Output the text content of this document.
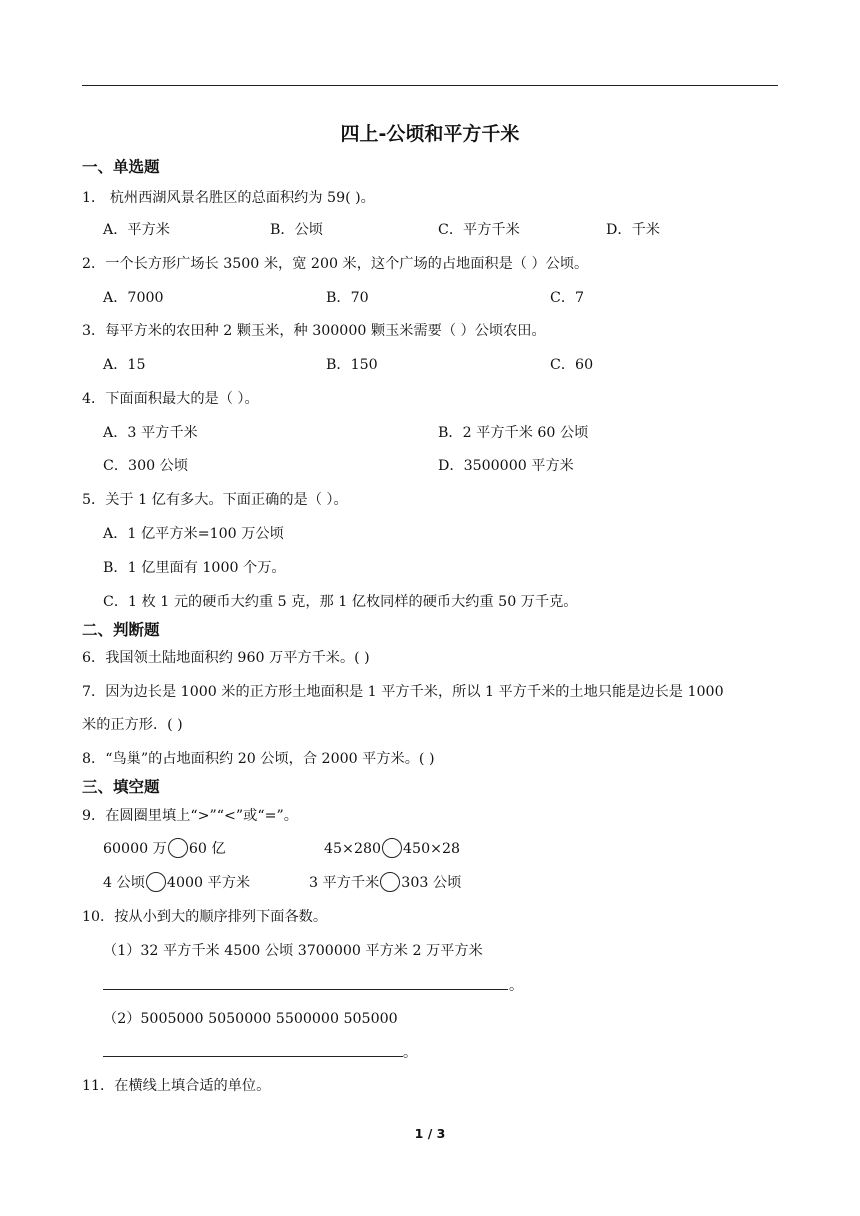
四上-公顷和平方千米
一、单选题
1． 杭州西湖风景名胜区的总面积约为 59( )。
A．平方米	B．公顷	C．平方千米	D．千米
2．一个长方形广场长 3500 米，宽 200 米，这个广场的占地面积是（ ）公顷。
A．7000	B．70	C．7
3．每平方米的农田种 2 颗玉米，种 300000 颗玉米需要（ ）公顷农田。
A．15	B．150	C．60
4．下面面积最大的是（ ）。
A．3 平方千米	B．2 平方千米 60 公顷
C．300 公顷	D．3500000 平方米
5．关于 1 亿有多大。下面正确的是（ ）。
A．1 亿平方米=100 万公顷
B．1 亿里面有 1000 个万。
C．1 枚 1 元的硬币大约重 5 克，那 1 亿枚同样的硬币大约重 50 万千克。
二、判断题
6．我国领土陆地面积约 960 万平方千米。( )
7．因为边长是 1000 米的正方形土地面积是 1 平方千米，所以 1 平方千米的土地只能是边长是 1000
米的正方形．( )
8．“鸟巢”的占地面积约 20 公顷，合 2000 平方米。( )
三、填空题
9．在圆圈里填上“>”“<”或“=”。
60000 万 60 亿	45×280 450×28
4 公顷 4000 平方米	3 平方千米 303 公顷
10．按从小到大的顺序排列下面各数。
（1）32 平方千米 4500 公顷 3700000 平方米 2 万平方米
。
（2）5005000 5050000 5500000 505000
。
11．在横线上填合适的单位。
1 / 3
